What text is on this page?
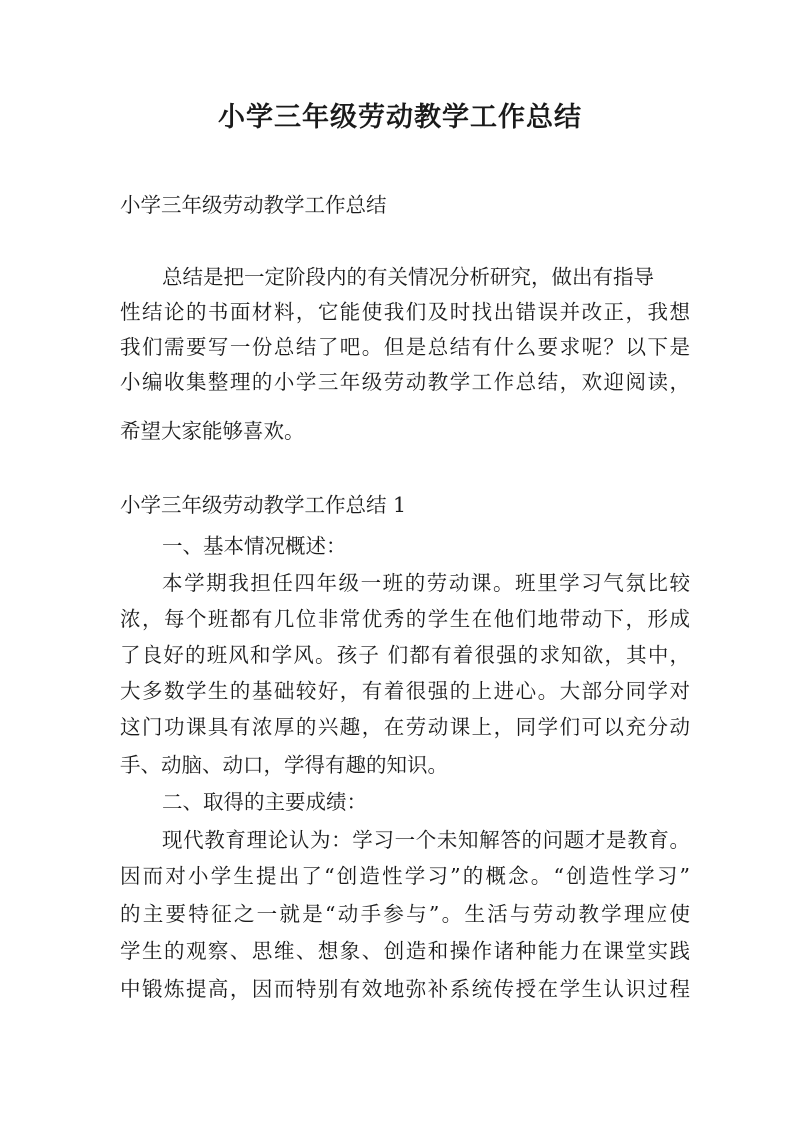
小学三年级劳动教学工作总结

小学三年级劳动教学工作总结

总结是把一定阶段内的有关情况分析研究，做出有指导

性结论的书面材料，它能使我们及时找出错误并改正，我想

我们需要写一份总结了吧。但是总结有什么要求呢？以下是

小编收集整理的小学三年级劳动教学工作总结，欢迎阅读，

希望大家能够喜欢。

小学三年级劳动教学工作总结 1

一、基本情况概述：

本学期我担任四年级一班的劳动课。班里学习气氛比较

浓，每个班都有几位非常优秀的学生在他们地带动下，形成

了良好的班风和学风。孩子 们都有着很强的求知欲，其中，

大多数学生的基础较好，有着很强的上进心。大部分同学对

这门功课具有浓厚的兴趣，在劳动课上，同学们可以充分动

手、动脑、动口，学得有趣的知识。

二、取得的主要成绩：

现代教育理论认为：学习一个未知解答的问题才是教育。

因而对小学生提出了“创造性学习”的概念。“创造性学习”

的主要特征之一就是“动手参与”。生活与劳动教学理应使

学生的观察、思维、想象、创造和操作诸种能力在课堂实践

中锻炼提高，因而特别有效地弥补系统传授在学生认识过程
